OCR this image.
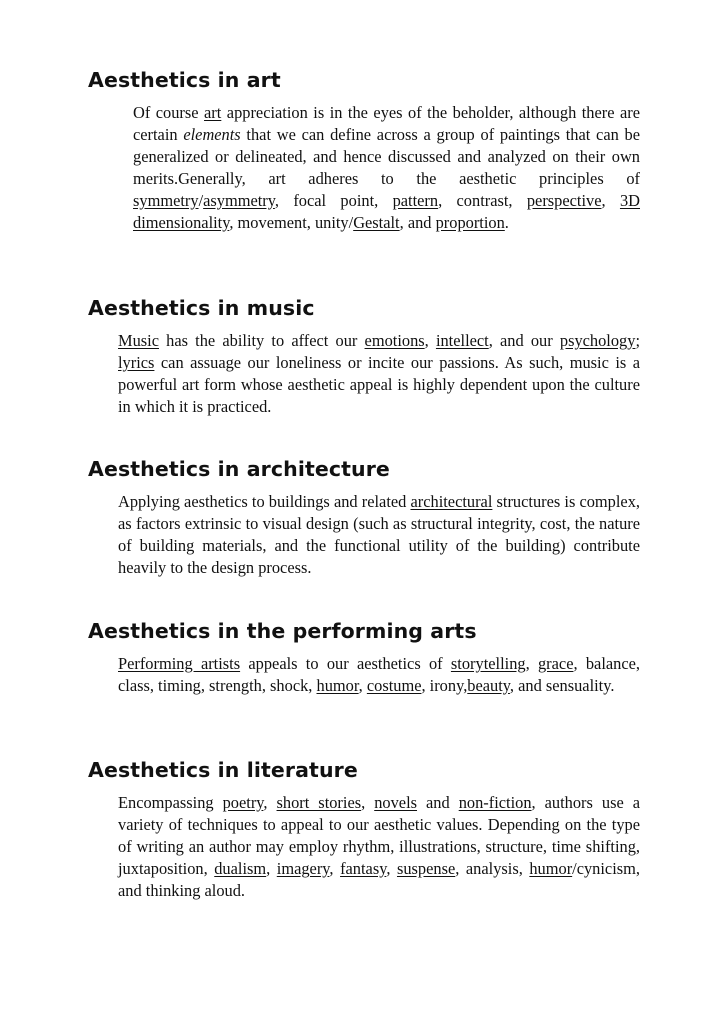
Aesthetics in art
Of course art appreciation is in the eyes of the beholder, although there are certain elements that we can define across a group of paintings that can be generalized or delineated, and hence discussed and analyzed on their own merits.Generally, art adheres to the aesthetic principles of symmetry/asymmetry, focal point, pattern, contrast, perspective, 3D dimensionality, movement, unity/Gestalt, and proportion.
Aesthetics in music
Music has the ability to affect our emotions, intellect, and our psychology; lyrics can assuage our loneliness or incite our passions. As such, music is a powerful art form whose aesthetic appeal is highly dependent upon the culture in which it is practiced.
Aesthetics in architecture
Applying aesthetics to buildings and related architectural structures is complex, as factors extrinsic to visual design (such as structural integrity, cost, the nature of building materials, and the functional utility of the building) contribute heavily to the design process.
Aesthetics in the performing arts
Performing artists appeals to our aesthetics of storytelling, grace, balance, class, timing, strength, shock, humor, costume, irony,beauty, and sensuality.
Aesthetics in literature
Encompassing poetry, short stories, novels and non-fiction, authors use a variety of techniques to appeal to our aesthetic values. Depending on the type of writing an author may employ rhythm, illustrations, structure, time shifting, juxtaposition, dualism, imagery, fantasy, suspense, analysis, humor/cynicism, and thinking aloud.
